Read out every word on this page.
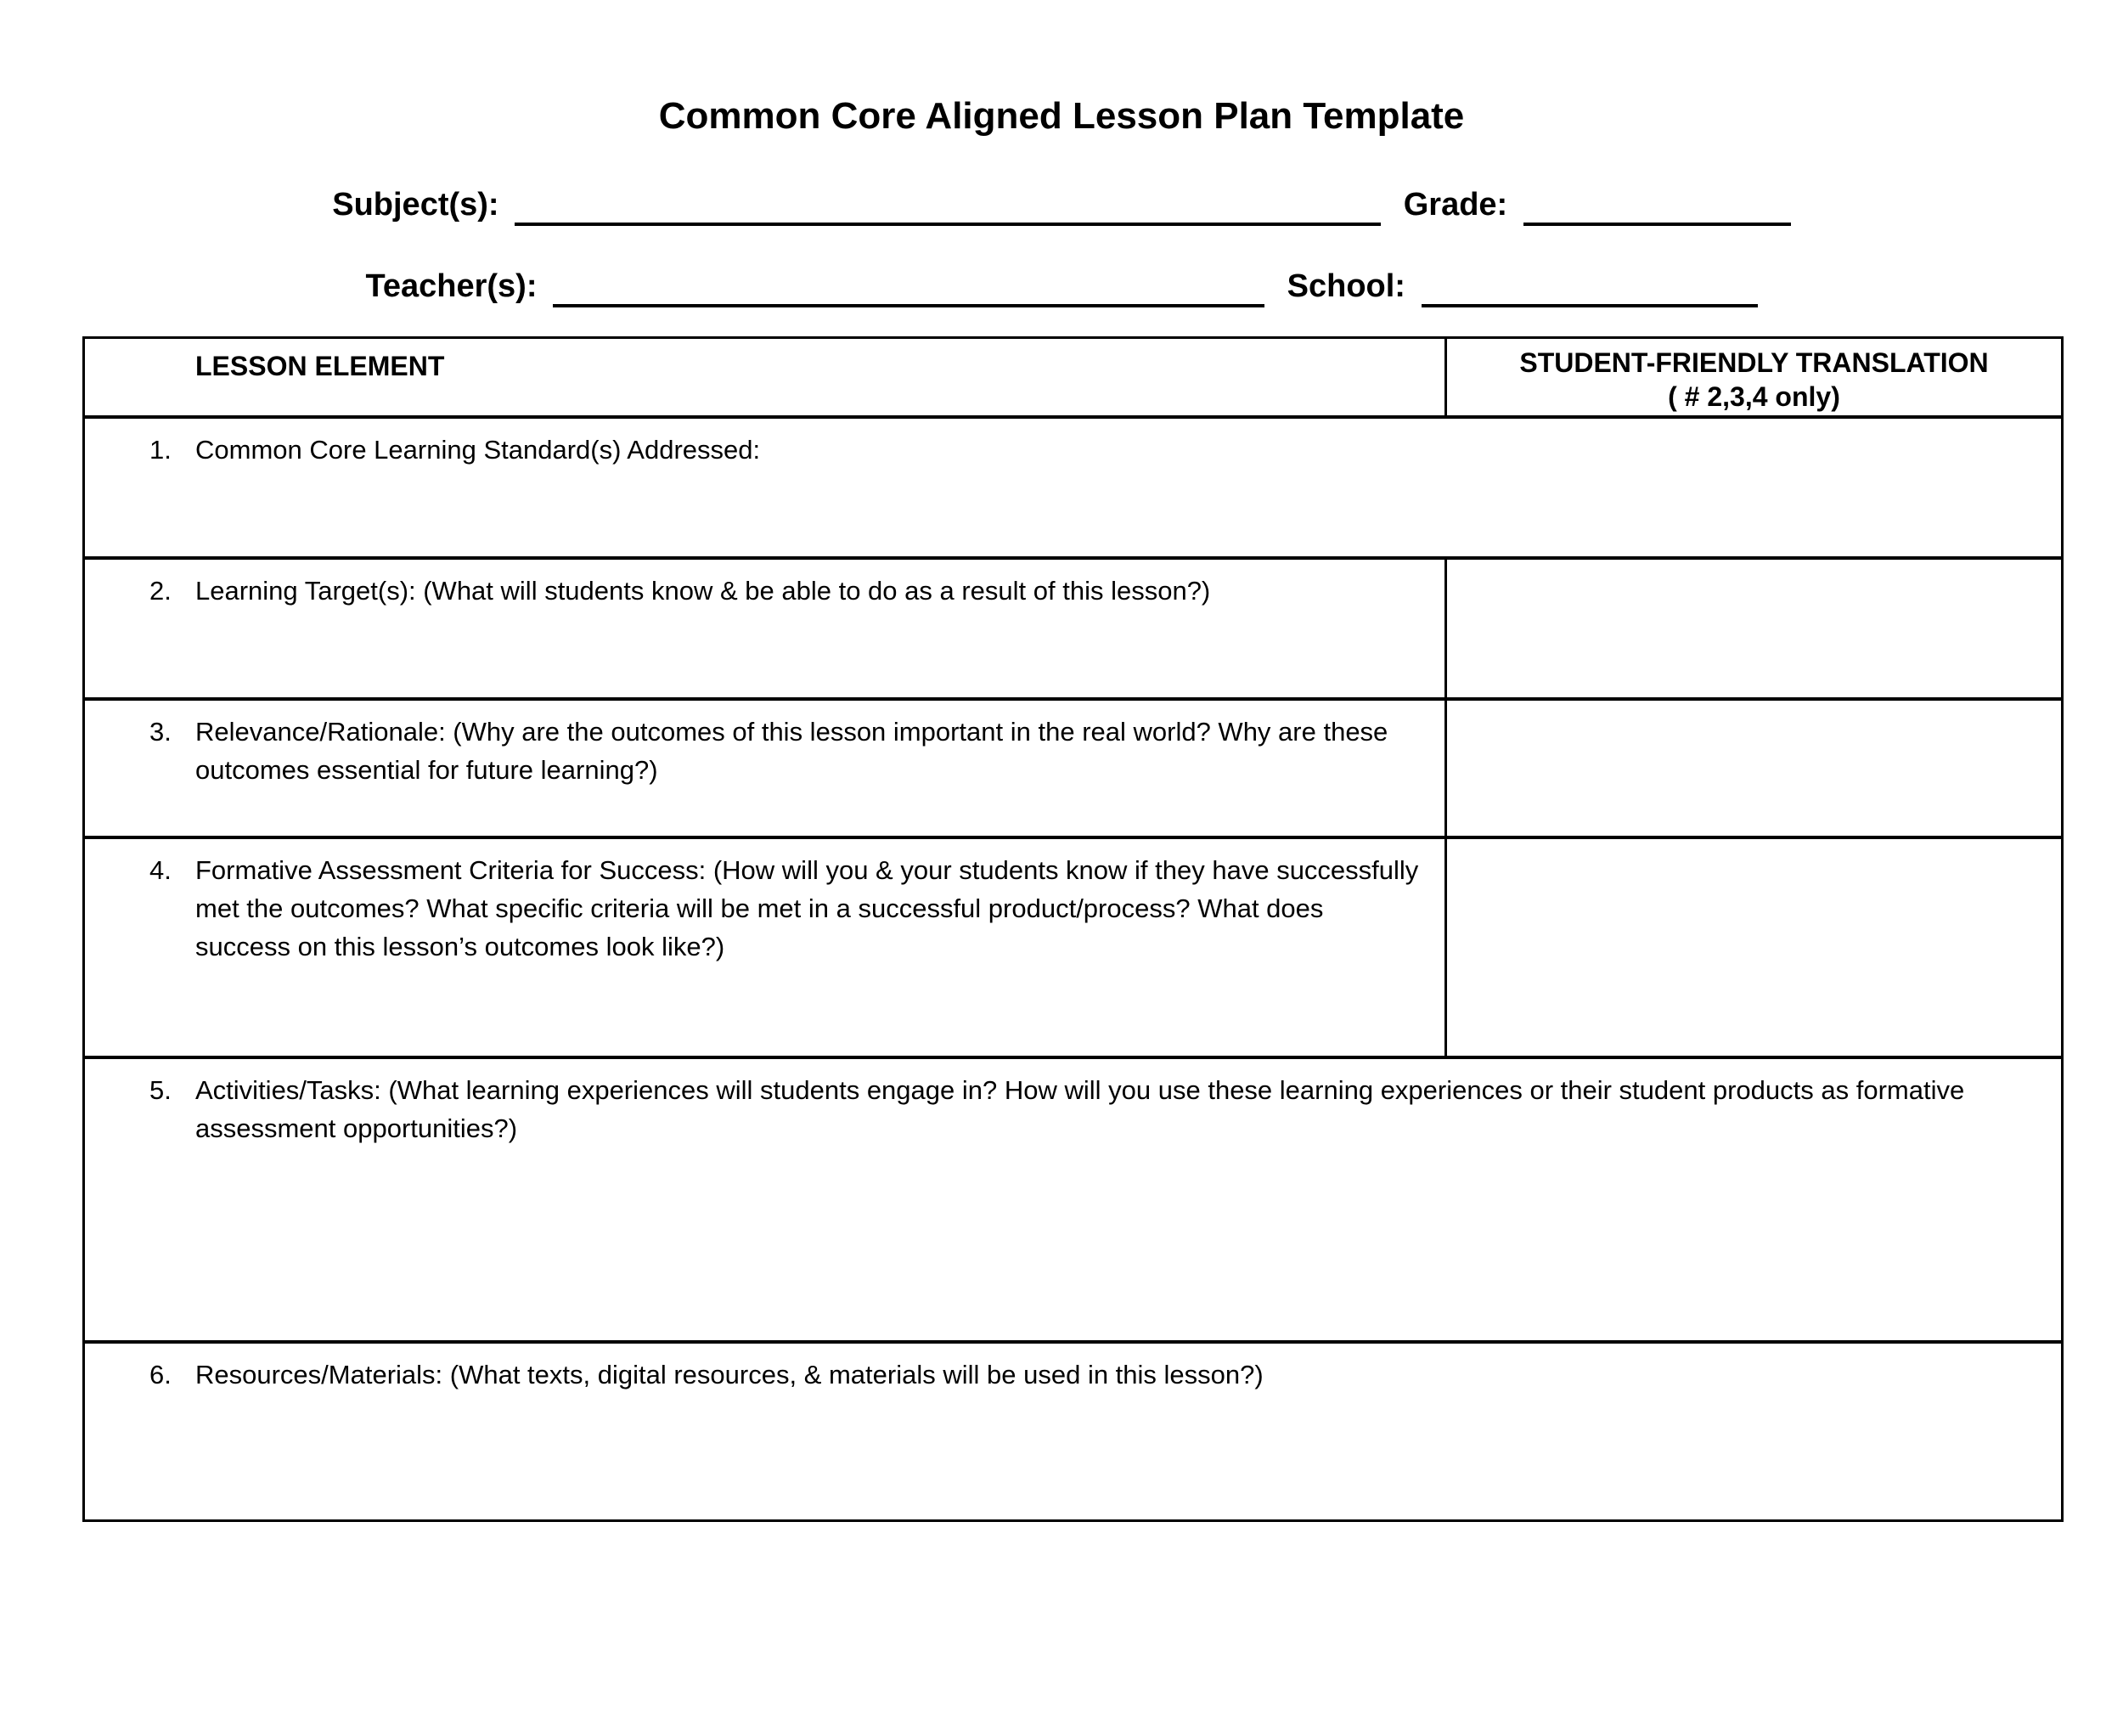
Common Core Aligned Lesson Plan Template
Subject(s):	Grade:
Teacher(s):	School:
LESSON ELEMENT	STUDENT-FRIENDLY TRANSLATION
( # 2,3,4 only)
1. Common Core Learning Standard(s) Addressed:
2. Learning Target(s): (What will students know & be able to do as a result of this lesson?)
3. Relevance/Rationale: (Why are the outcomes of this lesson important in the real world? Why are these outcomes essential for future learning?)
4. Formative Assessment Criteria for Success: (How will you & your students know if they have successfully met the outcomes? What specific criteria will be met in a successful product/process? What does success on this lesson’s outcomes look like?)
5. Activities/Tasks: (What learning experiences will students engage in? How will you use these learning experiences or their student products as formative assessment opportunities?)
6. Resources/Materials: (What texts, digital resources, & materials will be used in this lesson?)
